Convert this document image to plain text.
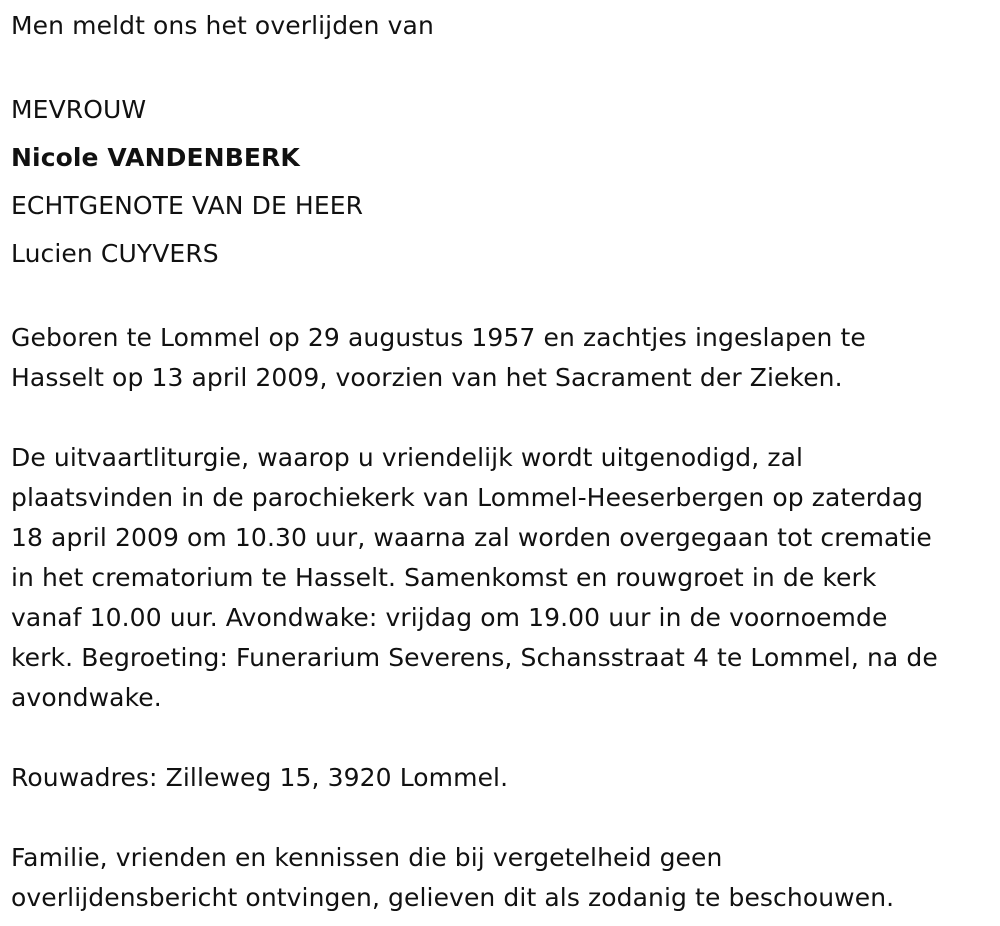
Men meldt ons het overlijden van
MEVROUW
Nicole VANDENBERK
ECHTGENOTE VAN DE HEER
Lucien CUYVERS
Geboren te Lommel op 29 augustus 1957 en zachtjes ingeslapen te
Hasselt op 13 april 2009, voorzien van het Sacrament der Zieken.
De uitvaartliturgie, waarop u vriendelijk wordt uitgenodigd, zal
plaatsvinden in de parochiekerk van Lommel-Heeserbergen op zaterdag
18 april 2009 om 10.30 uur, waarna zal worden overgegaan tot crematie
in het crematorium te Hasselt. Samenkomst en rouwgroet in de kerk
vanaf 10.00 uur. Avondwake: vrijdag om 19.00 uur in de voornoemde
kerk. Begroeting: Funerarium Severens, Schansstraat 4 te Lommel, na de
avondwake.
Rouwadres: Zilleweg 15, 3920 Lommel.
Familie, vrienden en kennissen die bij vergetelheid geen
overlijdensbericht ontvingen, gelieven dit als zodanig te beschouwen.
